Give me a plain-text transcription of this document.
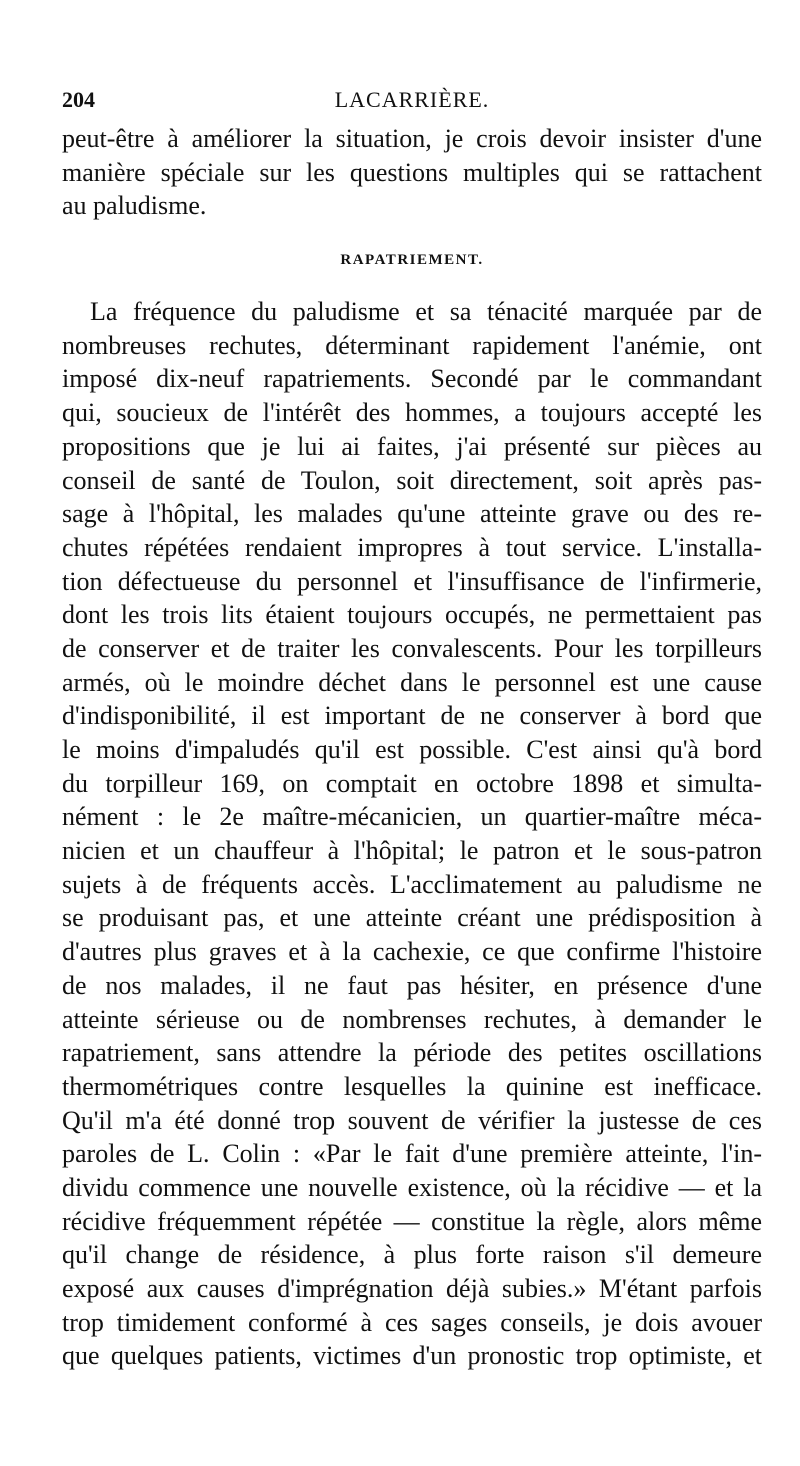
204	LACARRIÈRE.
peut-être à améliorer la situation, je crois devoir insister d'une
manière spéciale sur les questions multiples qui se rattachent
au paludisme.
RAPATRIEMENT.
La fréquence du paludisme et sa ténacité marquée par de
nombreuses rechutes, déterminant rapidement l'anémie, ont
imposé dix-neuf rapatriements. Secondé par le commandant
qui, soucieux de l'intérêt des hommes, a toujours accepté les
propositions que je lui ai faites, j'ai présenté sur pièces au
conseil de santé de Toulon, soit directement, soit après pas-
sage à l'hôpital, les malades qu'une atteinte grave ou des re-
chutes répétées rendaient impropres à tout service. L'installa-
tion défectueuse du personnel et l'insuffisance de l'infirmerie,
dont les trois lits étaient toujours occupés, ne permettaient pas
de conserver et de traiter les convalescents. Pour les torpilleurs
armés, où le moindre déchet dans le personnel est une cause
d'indisponibilité, il est important de ne conserver à bord que
le moins d'impaludés qu'il est possible. C'est ainsi qu'à bord
du torpilleur 169, on comptait en octobre 1898 et simulta-
nément : le 2e maître-mécanicien, un quartier-maître méca-
nicien et un chauffeur à l'hôpital; le patron et le sous-patron
sujets à de fréquents accès. L'acclimatement au paludisme ne
se produisant pas, et une atteinte créant une prédisposition à
d'autres plus graves et à la cachexie, ce que confirme l'histoire
de nos malades, il ne faut pas hésiter, en présence d'une
atteinte sérieuse ou de nombrenses rechutes, à demander le
rapatriement, sans attendre la période des petites oscillations
thermométriques contre lesquelles la quinine est inefficace.
Qu'il m'a été donné trop souvent de vérifier la justesse de ces
paroles de L. Colin : «Par le fait d'une première atteinte, l'in-
dividu commence une nouvelle existence, où la récidive — et la
récidive fréquemment répétée — constitue la règle, alors même
qu'il change de résidence, à plus forte raison s'il demeure
exposé aux causes d'imprégnation déjà subies.» M'étant parfois
trop timidement conformé à ces sages conseils, je dois avouer
que quelques patients, victimes d'un pronostic trop optimiste, et
